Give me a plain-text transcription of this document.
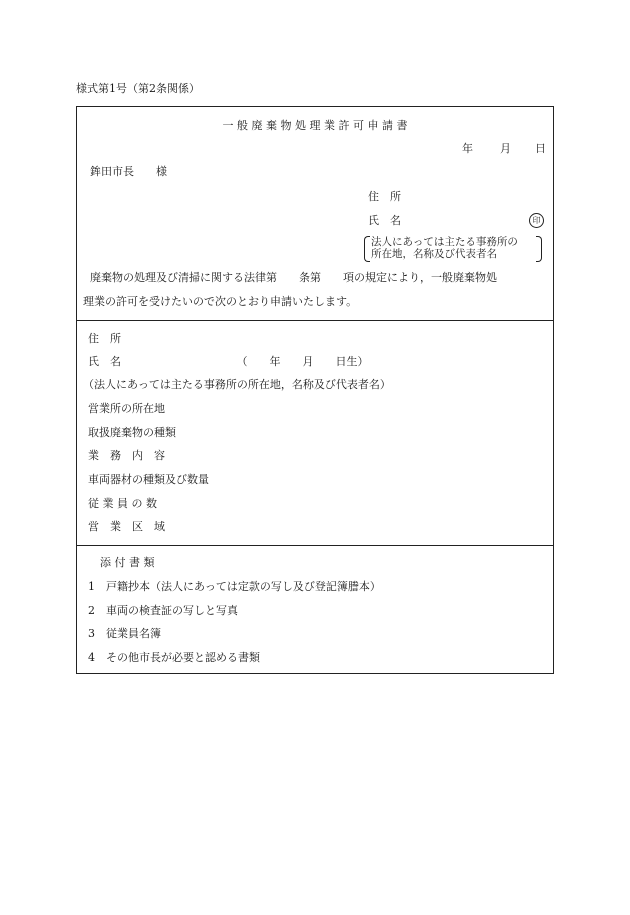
様式第1号（第2条関係）
一 般 廃 棄 物 処 理 業 許 可 申 請 書
年 月 日
鉾田市長　　様
住　所
氏　名	印
法人にあっては主たる事務所の
所在地，名称及び代表者名
廃棄物の処理及び清掃に関する法律第　　条第　　項の規定により，一般廃棄物処
理業の許可を受けたいので次のとおり申請いたします。
住　所
氏　名　　　　　　　　　　　（　　年　　月　　日生）
（法人にあっては主たる事務所の所在地，名称及び代表者名）
営業所の所在地
取扱廃棄物の種類
業　務　内　容
車両器材の種類及び数量
従 業 員 の 数
営　業　区　域
添 付 書 類
1　戸籍抄本（法人にあっては定款の写し及び登記簿謄本）
2　車両の検査証の写しと写真
3　従業員名簿
4　その他市長が必要と認める書類
